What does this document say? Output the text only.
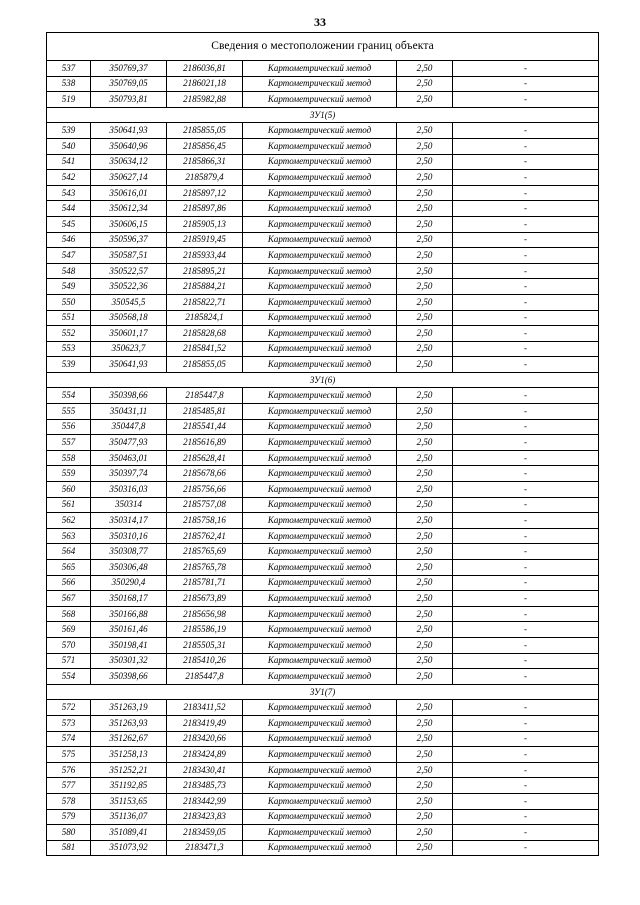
33
Сведения о местоположении границ объекта					
537	350769,37	2186036,81	Картометрический метод	2,50	-
538	350769,05	2186021,18	Картометрический метод	2,50	-
519	350793,81	2185982,88	Картометрический метод	2,50	-
ЗУ1(5)					
539	350641,93	2185855,05	Картометрический метод	2,50	-
540	350640,96	2185856,45	Картометрический метод	2,50	-
541	350634,12	2185866,31	Картометрический метод	2,50	-
542	350627,14	2185879,4	Картометрический метод	2,50	-
543	350616,01	2185897,12	Картометрический метод	2,50	-
544	350612,34	2185897,86	Картометрический метод	2,50	-
545	350606,15	2185905,13	Картометрический метод	2,50	-
546	350596,37	2185919,45	Картометрический метод	2,50	-
547	350587,51	2185933,44	Картометрический метод	2,50	-
548	350522,57	2185895,21	Картометрический метод	2,50	-
549	350522,36	2185884,21	Картометрический метод	2,50	-
550	350545,5	2185822,71	Картометрический метод	2,50	-
551	350568,18	2185824,1	Картометрический метод	2,50	-
552	350601,17	2185828,68	Картометрический метод	2,50	-
553	350623,7	2185841,52	Картометрический метод	2,50	-
539	350641,93	2185855,05	Картометрический метод	2,50	-
ЗУ1(6)					
554	350398,66	2185447,8	Картометрический метод	2,50	-
555	350431,11	2185485,81	Картометрический метод	2,50	-
556	350447,8	2185541,44	Картометрический метод	2,50	-
557	350477,93	2185616,89	Картометрический метод	2,50	-
558	350463,01	2185628,41	Картометрический метод	2,50	-
559	350397,74	2185678,66	Картометрический метод	2,50	-
560	350316,03	2185756,66	Картометрический метод	2,50	-
561	350314	2185757,08	Картометрический метод	2,50	-
562	350314,17	2185758,16	Картометрический метод	2,50	-
563	350310,16	2185762,41	Картометрический метод	2,50	-
564	350308,77	2185765,69	Картометрический метод	2,50	-
565	350306,48	2185765,78	Картометрический метод	2,50	-
566	350290,4	2185781,71	Картометрический метод	2,50	-
567	350168,17	2185673,89	Картометрический метод	2,50	-
568	350166,88	2185656,98	Картометрический метод	2,50	-
569	350161,46	2185586,19	Картометрический метод	2,50	-
570	350198,41	2185505,31	Картометрический метод	2,50	-
571	350301,32	2185410,26	Картометрический метод	2,50	-
554	350398,66	2185447,8	Картометрический метод	2,50	-
ЗУ1(7)					
572	351263,19	2183411,52	Картометрический метод	2,50	-
573	351263,93	2183419,49	Картометрический метод	2,50	-
574	351262,67	2183420,66	Картометрический метод	2,50	-
575	351258,13	2183424,89	Картометрический метод	2,50	-
576	351252,21	2183430,41	Картометрический метод	2,50	-
577	351192,85	2183485,73	Картометрический метод	2,50	-
578	351153,65	2183442,99	Картометрический метод	2,50	-
579	351136,07	2183423,83	Картометрический метод	2,50	-
580	351089,41	2183459,05	Картометрический метод	2,50	-
581	351073,92	2183471,3	Картометрический метод	2,50	-
